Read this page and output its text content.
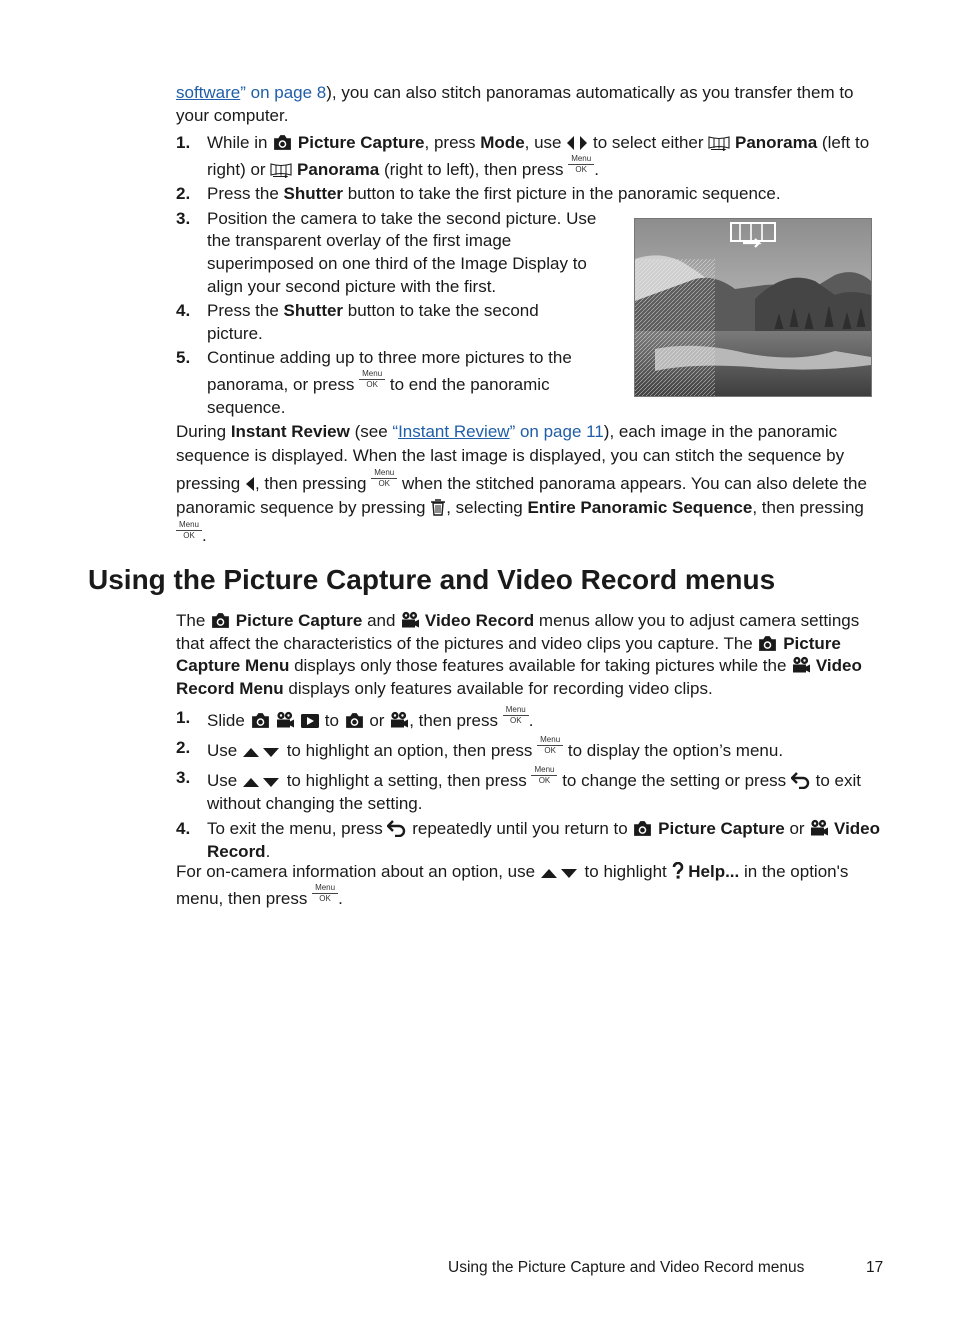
software” on page 8), you can also stitch panoramas automatically as you transfer them to your computer.
1. While in  Picture Capture, press Mode, use  to select either  Panorama (left to right) or  Panorama (right to left), then press
Menu
OK .
2. Press the Shutter button to take the first picture in the panoramic sequence.
3. Position the camera to take the second picture. Use the transparent overlay of the first image superimposed on one third of the Image Display to align your second picture with the first.
4. Press the Shutter button to take the second picture.
5. Continue adding up to three more pictures to the panorama, or press
Menu
OK to end the panoramic sequence.
During Instant Review (see “Instant Review” on page 11), each image in the panoramic sequence is displayed. When the last image is displayed, you can stitch the sequence by pressing , then pressing
Menu
OK when the stitched panorama appears. You can also delete the panoramic sequence by pressing , selecting Entire Panoramic Sequence, then pressing
Menu
OK .
Using the Picture Capture and Video Record menus
The  Picture Capture and  Video Record menus allow you to adjust camera settings that affect the characteristics of the pictures and video clips you capture. The  Picture Capture Menu displays only those features available for taking pictures while the  Video Record Menu displays only features available for recording video clips.
1. Slide	to  or , then press
Menu
OK .
2. Use  to highlight an option, then press
Menu
OK to display the option’s menu.
3. Use  to highlight a setting, then press
Menu
OK to change the setting or press  to exit without changing the setting.
4. To exit the menu, press  repeatedly until you return to  Picture Capture or  Video Record.
For on-camera information about an option, use  to highlight  Help... in the option's menu, then press
Menu
OK .
Using the Picture Capture and Video Record menus	17
